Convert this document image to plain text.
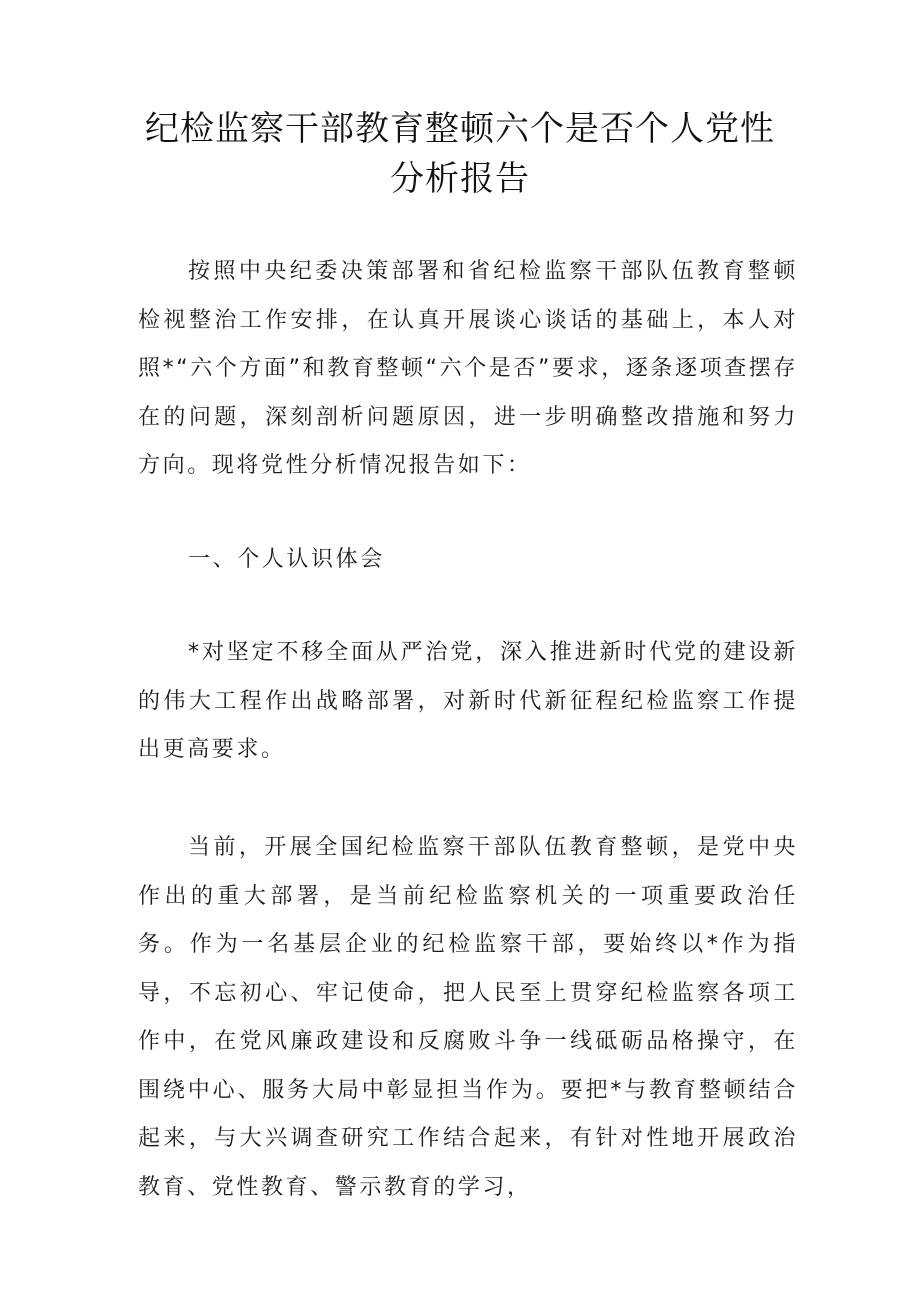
纪检监察干部教育整顿六个是否个人党性
分析报告

按照中央纪委决策部署和省纪检监察干部队伍教育整顿检视整治工作安排，在认真开展谈心谈话的基础上，本人对照*“六个方面”和教育整顿“六个是否”要求，逐条逐项查摆存在的问题，深刻剖析问题原因，进一步明确整改措施和努力方向。现将党性分析情况报告如下：

一、个人认识体会

*对坚定不移全面从严治党，深入推进新时代党的建设新的伟大工程作出战略部署，对新时代新征程纪检监察工作提出更高要求。

当前，开展全国纪检监察干部队伍教育整顿，是党中央作出的重大部署，是当前纪检监察机关的一项重要政治任务。作为一名基层企业的纪检监察干部，要始终以*作为指导，不忘初心、牢记使命，把人民至上贯穿纪检监察各项工作中，在党风廉政建设和反腐败斗争一线砥砺品格操守，在围绕中心、服务大局中彰显担当作为。要把*与教育整顿结合起来，与大兴调查研究工作结合起来，有针对性地开展政治教育、党性教育、警示教育的学习，
